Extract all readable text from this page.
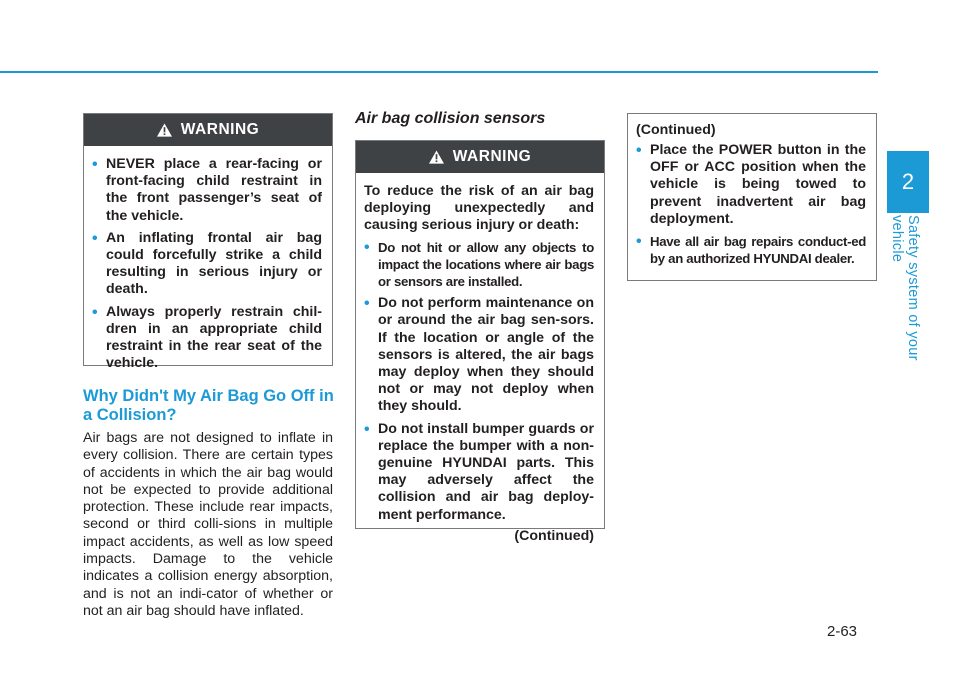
WARNING
• NEVER place a rear-facing or front-facing child restraint in the front passenger’s seat of the vehicle.
• An inflating frontal air bag could forcefully strike a child resulting in serious injury or death.
• Always properly restrain chil-dren in an appropriate child restraint in the rear seat of the vehicle.
Why Didn't My Air Bag Go Off in a Collision?
Air bags are not designed to inflate in every collision. There are certain types of accidents in which the air bag would not be expected to provide additional protection. These include rear impacts, second or third colli-sions in multiple impact accidents, as well as low speed impacts. Damage to the vehicle indicates a collision energy absorption, and is not an indi-cator of whether or not an air bag should have inflated.
Air bag collision sensors
WARNING
To reduce the risk of an air bag deploying unexpectedly and causing serious injury or death:
• Do not hit or allow any objects to impact the locations where air bags or sensors are installed.
• Do not perform maintenance on or around the air bag sen-sors. If the location or angle of the sensors is altered, the air bags may deploy when they should not or may not deploy when they should.
• Do not install bumper guards or replace the bumper with a non-genuine HYUNDAI parts. This may adversely affect the collision and air bag deploy-ment performance.
(Continued)
(Continued)
• Place the POWER button in the OFF or ACC position when the vehicle is being towed to prevent inadvertent air bag deployment.
• Have all air bag repairs conduct-ed by an authorized HYUNDAI dealer.
2
Safety system of your vehicle
2-63
